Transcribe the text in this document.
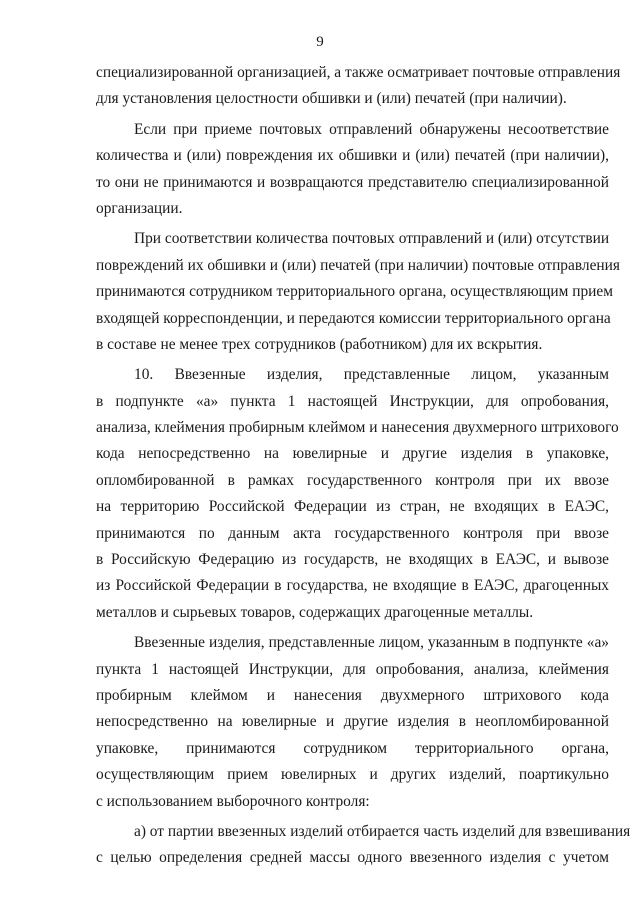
9
специализированной организацией, а также осматривает почтовые отправления
для установления целостности обшивки и (или) печатей (при наличии).
Если при приеме почтовых отправлений обнаружены несоответствие
количества и (или) повреждения их обшивки и (или) печатей (при наличии),
то они не принимаются и возвращаются представителю специализированной
организации.
При соответствии количества почтовых отправлений и (или) отсутствии
повреждений их обшивки и (или) печатей (при наличии) почтовые отправления
принимаются сотрудником территориального органа, осуществляющим прием
входящей корреспонденции, и передаются комиссии территориального органа
в составе не менее трех сотрудников (работником) для их вскрытия.
10. Ввезенные изделия, представленные лицом, указанным
в подпункте «а» пункта 1 настоящей Инструкции, для опробования,
анализа, клеймения пробирным клеймом и нанесения двухмерного штрихового
кода непосредственно на ювелирные и другие изделия в упаковке,
опломбированной в рамках государственного контроля при их ввозе
на территорию Российской Федерации из стран, не входящих в ЕАЭС,
принимаются по данным акта государственного контроля при ввозе
в Российскую Федерацию из государств, не входящих в ЕАЭС, и вывозе
из Российской Федерации в государства, не входящие в ЕАЭС, драгоценных
металлов и сырьевых товаров, содержащих драгоценные металлы.
Ввезенные изделия, представленные лицом, указанным в подпункте «а»
пункта 1 настоящей Инструкции, для опробования, анализа, клеймения
пробирным клеймом и нанесения двухмерного штрихового кода
непосредственно на ювелирные и другие изделия в неопломбированной
упаковке, принимаются сотрудником территориального органа,
осуществляющим прием ювелирных и других изделий, поартикульно
с использованием выборочного контроля:
а) от партии ввезенных изделий отбирается часть изделий для взвешивания
с целью определения средней массы одного ввезенного изделия с учетом
